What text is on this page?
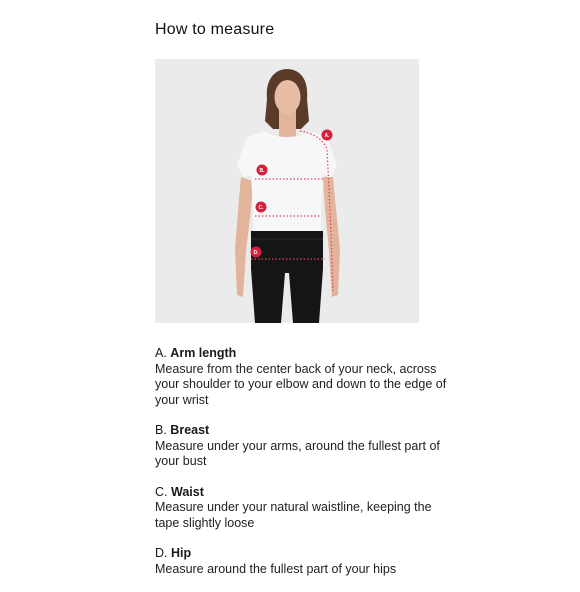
How to measure
A.
B.
C.
D.
A. Arm length
Measure from the center back of your neck, across your shoulder to your elbow and down to the edge of your wrist
B. Breast
Measure under your arms, around the fullest part of your bust
C. Waist
Measure under your natural waistline, keeping the tape slightly loose
D. Hip
Measure around the fullest part of your hips
